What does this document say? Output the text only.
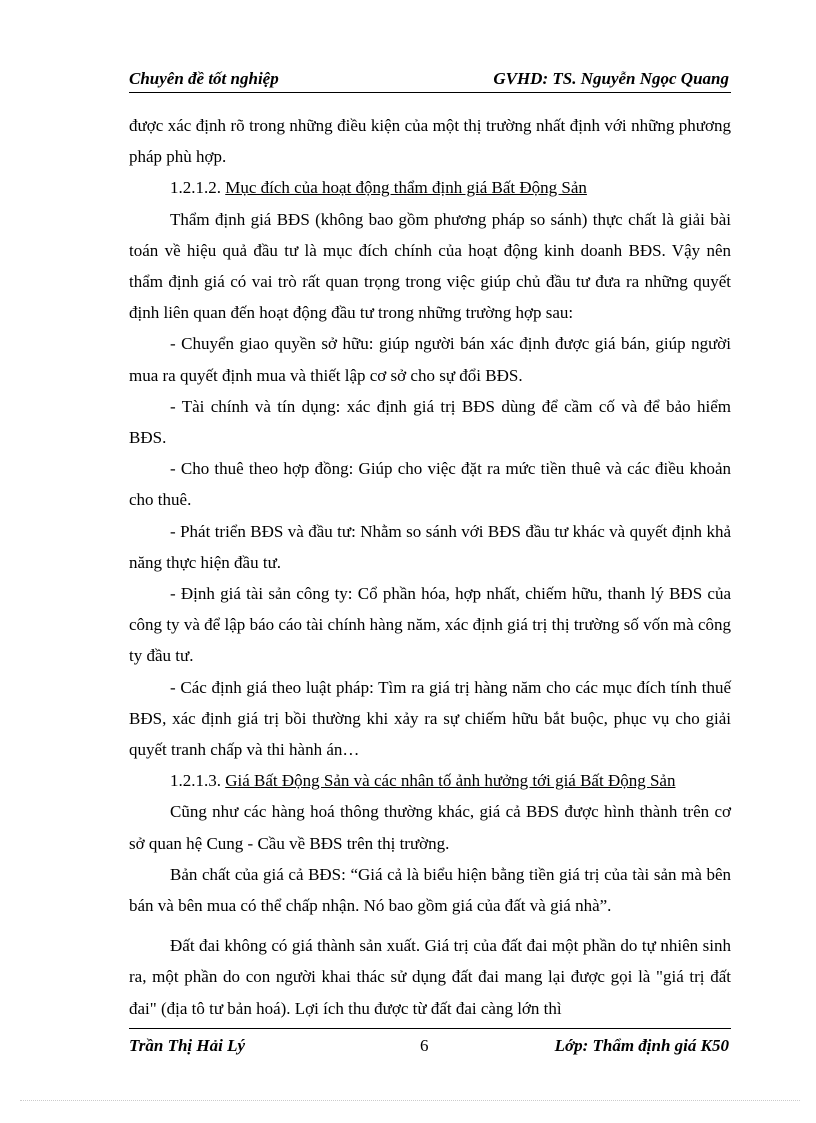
Chuyên đề tốt nghiệp	GVHD: TS. Nguyễn Ngọc Quang

được xác định rõ trong những điều kiện của một thị trường nhất định với những phương pháp phù hợp.

1.2.1.2. Mục đích của hoạt động thẩm định giá Bất Động Sản

Thẩm định giá BĐS (không bao gồm phương pháp so sánh) thực chất là giải bài toán về hiệu quả đầu tư là mục đích chính của hoạt động kinh doanh BĐS. Vậy nên thẩm định giá có vai trò rất quan trọng trong việc giúp chủ đầu tư đưa ra những quyết định liên quan đến hoạt động đầu tư trong những trường hợp sau:

- Chuyển giao quyền sở hữu: giúp người bán xác định được giá bán, giúp người mua ra quyết định mua và thiết lập cơ sở cho sự đổi BĐS.

- Tài chính và tín dụng: xác định giá trị BĐS dùng để cầm cố và để bảo hiểm BĐS.

- Cho thuê theo hợp đồng: Giúp cho việc đặt ra mức tiền thuê và các điều khoản cho thuê.

- Phát triển BĐS và đầu tư: Nhằm so sánh với BĐS đầu tư khác và quyết định khả năng thực hiện đầu tư.

- Định giá tài sản công ty: Cổ phần hóa, hợp nhất, chiếm hữu, thanh lý BĐS của công ty và để lập báo cáo tài chính hàng năm, xác định giá trị thị trường số vốn mà công ty đầu tư.

- Các định giá theo luật pháp: Tìm ra giá trị hàng năm cho các mục đích tính thuế BĐS, xác định giá trị bồi thường khi xảy ra sự chiếm hữu bắt buộc, phục vụ cho giải quyết tranh chấp và thi hành án…

1.2.1.3. Giá Bất Động Sản và các nhân tố ảnh hưởng tới giá Bất Động Sản

Cũng như các hàng hoá thông thường khác, giá cả BĐS được hình thành trên cơ sở quan hệ Cung - Cầu về BĐS trên thị trường.

Bản chất của giá cả BĐS: “Giá cả là biểu hiện bằng tiền giá trị của tài sản mà bên bán và bên mua có thể chấp nhận. Nó bao gồm giá của đất và giá nhà”.

Đất đai không có giá thành sản xuất. Giá trị của đất đai một phần do tự nhiên sinh ra, một phần do con người khai thác sử dụng đất đai mang lại được gọi là "giá trị đất đai" (địa tô tư bản hoá). Lợi ích thu được từ đất đai càng lớn thì

Trần Thị Hải Lý	6	Lớp: Thẩm định giá K50
